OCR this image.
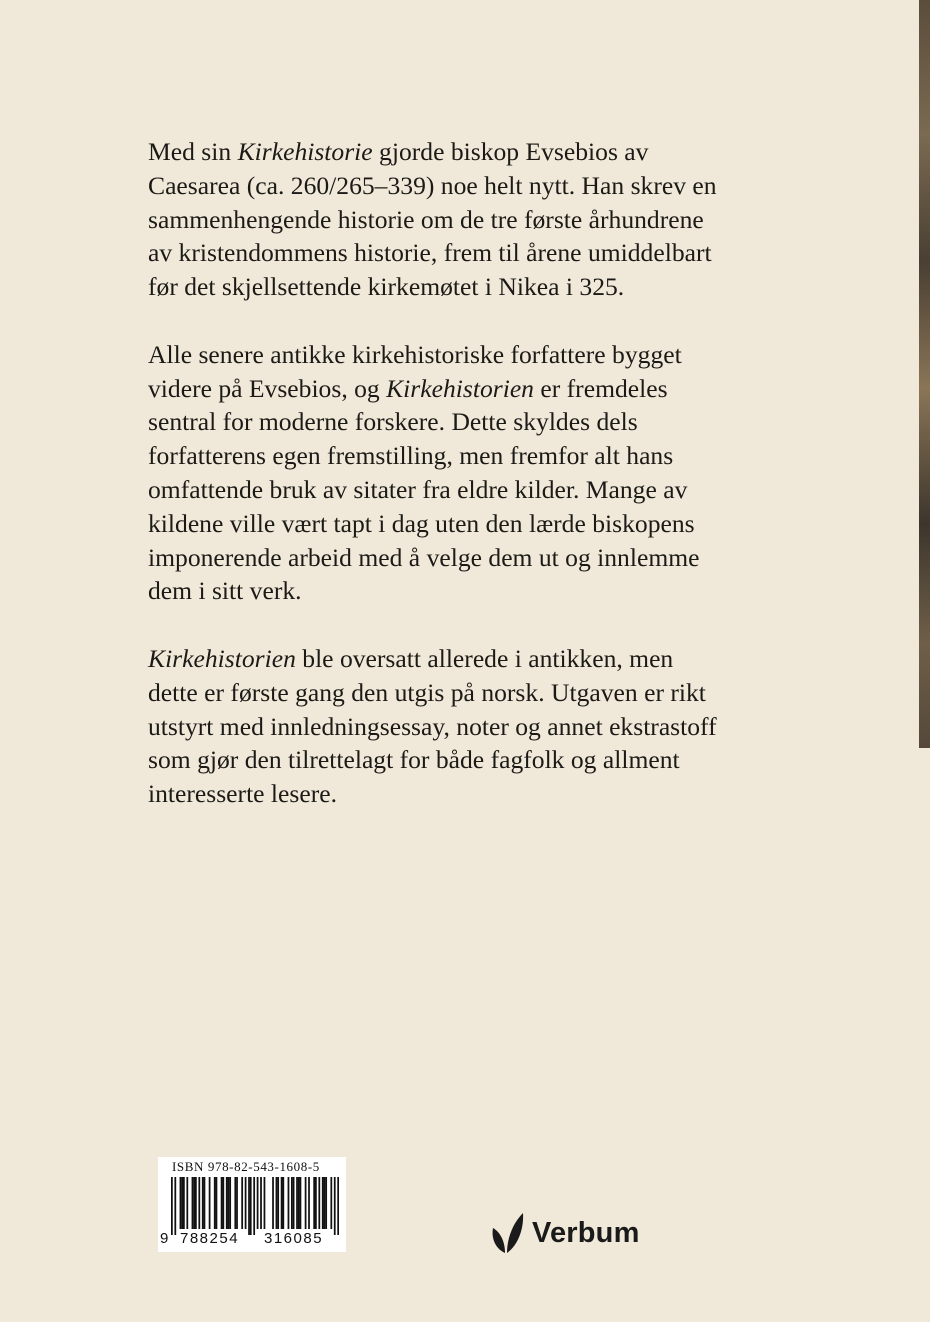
Med sin Kirkehistorie gjorde biskop Evsebios av Caesarea (ca. 260/265–339) noe helt nytt. Han skrev en sammenhengende historie om de tre første århundrene av kristendommens historie, frem til årene umiddelbart før det skjellsettende kirkemøtet i Nikea i 325.

Alle senere antikke kirkehistoriske forfattere bygget videre på Evsebios, og Kirkehistorien er fremdeles sentral for moderne forskere. Dette skyldes dels forfatterens egen fremstilling, men fremfor alt hans omfattende bruk av sitater fra eldre kilder. Mange av kildene ville vært tapt i dag uten den lærde biskopens imponerende arbeid med å velge dem ut og innlemme dem i sitt verk.

Kirkehistorien ble oversatt allerede i antikken, men dette er første gang den utgis på norsk. Utgaven er rikt utstyrt med innledningsessay, noter og annet ekstrastoff som gjør den tilrettelagt for både fagfolk og allment interesserte lesere.

ISBN 978-82-543-1608-5
9 788254 316085	Verbum
